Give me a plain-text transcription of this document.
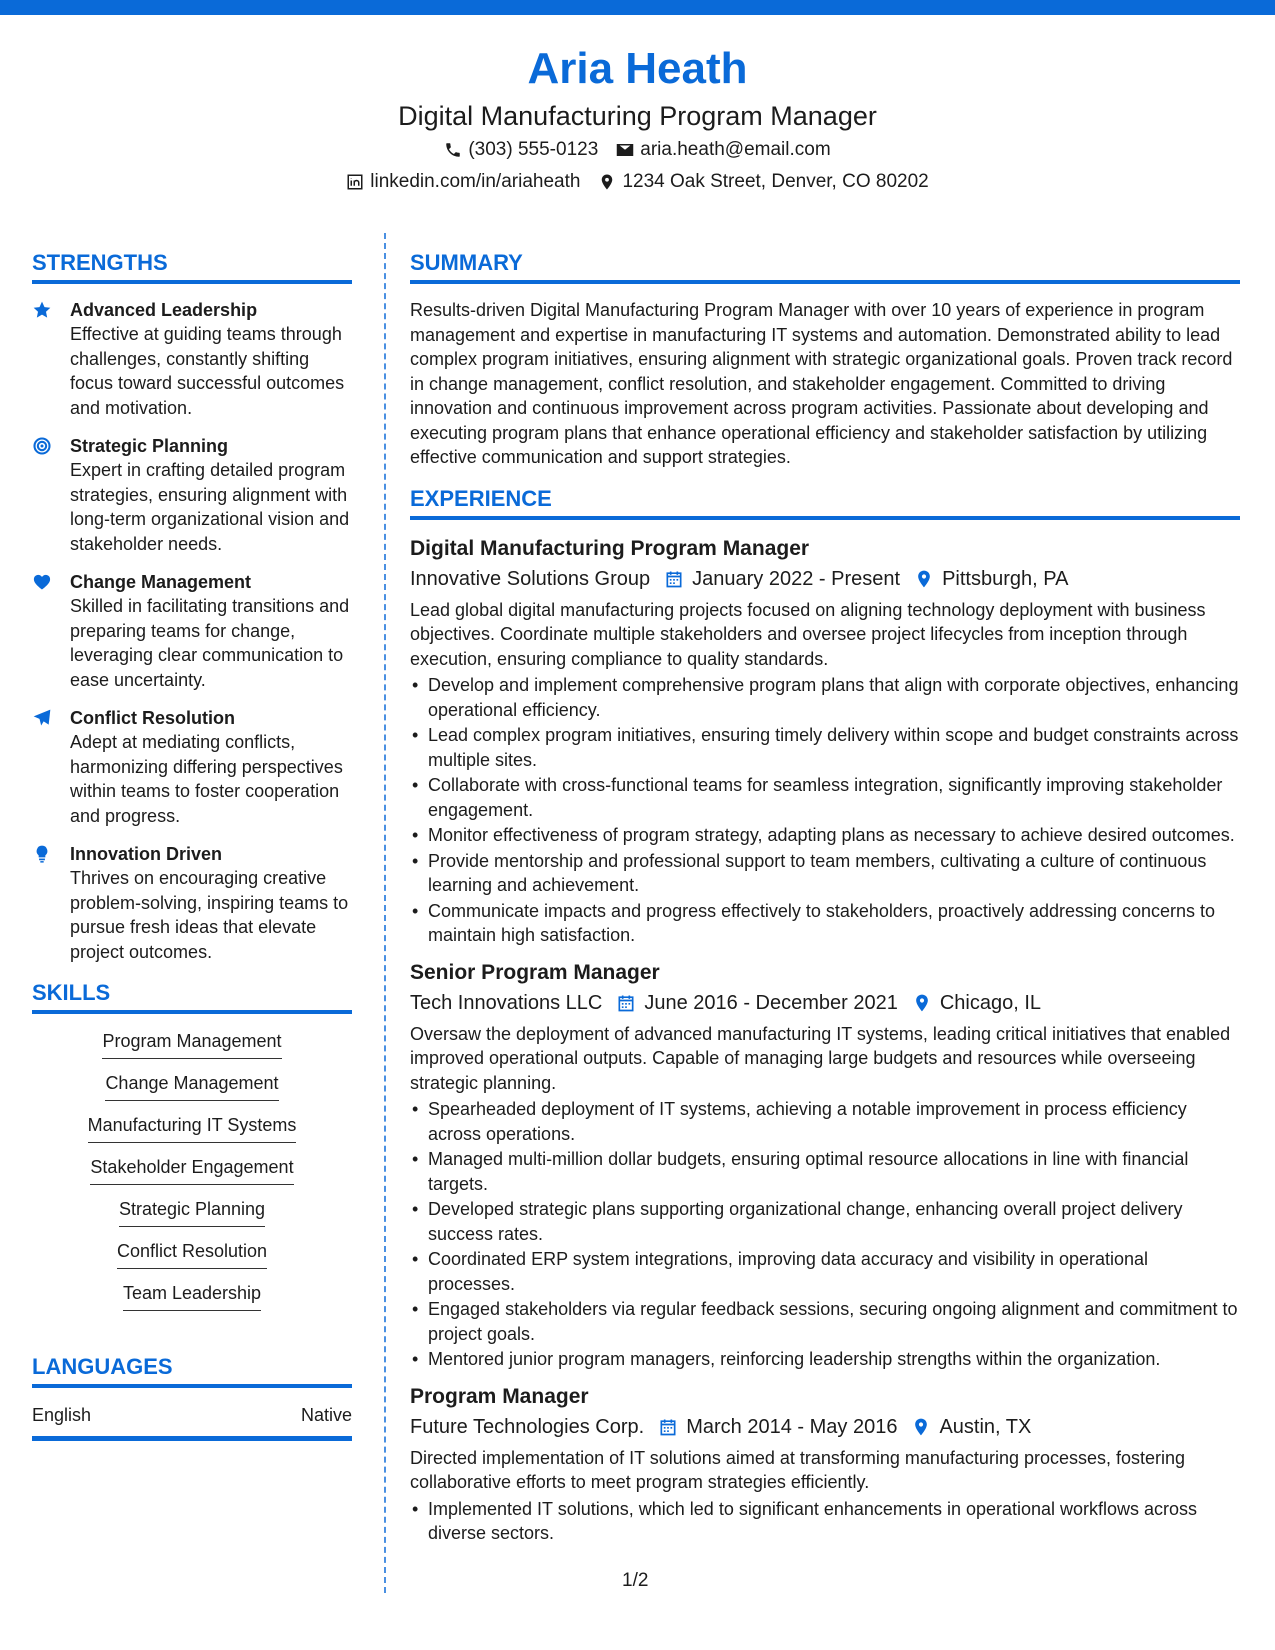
Aria Heath
Digital Manufacturing Program Manager
(303) 555-0123 aria.heath@email.com
linkedin.com/in/ariaheath 1234 Oak Street, Denver, CO 80202
STRENGTHS
Advanced Leadership
Effective at guiding teams through challenges, constantly shifting focus toward successful outcomes and motivation.
Strategic Planning
Expert in crafting detailed program strategies, ensuring alignment with long-term organizational vision and stakeholder needs.
Change Management
Skilled in facilitating transitions and preparing teams for change, leveraging clear communication to ease uncertainty.
Conflict Resolution
Adept at mediating conflicts, harmonizing differing perspectives within teams to foster cooperation and progress.
Innovation Driven
Thrives on encouraging creative problem-solving, inspiring teams to pursue fresh ideas that elevate project outcomes.
SKILLS
Program Management
Change Management
Manufacturing IT Systems
Stakeholder Engagement
Strategic Planning
Conflict Resolution
Team Leadership
LANGUAGES
English	Native
SUMMARY
Results-driven Digital Manufacturing Program Manager with over 10 years of experience in program management and expertise in manufacturing IT systems and automation. Demonstrated ability to lead complex program initiatives, ensuring alignment with strategic organizational goals. Proven track record in change management, conflict resolution, and stakeholder engagement. Committed to driving innovation and continuous improvement across program activities. Passionate about developing and executing program plans that enhance operational efficiency and stakeholder satisfaction by utilizing effective communication and support strategies.
EXPERIENCE
Digital Manufacturing Program Manager
Innovative Solutions Group January 2022 - Present Pittsburgh, PA
Lead global digital manufacturing projects focused on aligning technology deployment with business objectives. Coordinate multiple stakeholders and oversee project lifecycles from inception through execution, ensuring compliance to quality standards.
• Develop and implement comprehensive program plans that align with corporate objectives, enhancing operational efficiency.
• Lead complex program initiatives, ensuring timely delivery within scope and budget constraints across multiple sites.
• Collaborate with cross-functional teams for seamless integration, significantly improving stakeholder engagement.
• Monitor effectiveness of program strategy, adapting plans as necessary to achieve desired outcomes.
• Provide mentorship and professional support to team members, cultivating a culture of continuous learning and achievement.
• Communicate impacts and progress effectively to stakeholders, proactively addressing concerns to maintain high satisfaction.
Senior Program Manager
Tech Innovations LLC June 2016 - December 2021 Chicago, IL
Oversaw the deployment of advanced manufacturing IT systems, leading critical initiatives that enabled improved operational outputs. Capable of managing large budgets and resources while overseeing strategic planning.
• Spearheaded deployment of IT systems, achieving a notable improvement in process efficiency across operations.
• Managed multi-million dollar budgets, ensuring optimal resource allocations in line with financial targets.
• Developed strategic plans supporting organizational change, enhancing overall project delivery success rates.
• Coordinated ERP system integrations, improving data accuracy and visibility in operational processes.
• Engaged stakeholders via regular feedback sessions, securing ongoing alignment and commitment to project goals.
• Mentored junior program managers, reinforcing leadership strengths within the organization.
Program Manager
Future Technologies Corp. March 2014 - May 2016 Austin, TX
Directed implementation of IT solutions aimed at transforming manufacturing processes, fostering collaborative efforts to meet program strategies efficiently.
• Implemented IT solutions, which led to significant enhancements in operational workflows across diverse sectors.
1/2
